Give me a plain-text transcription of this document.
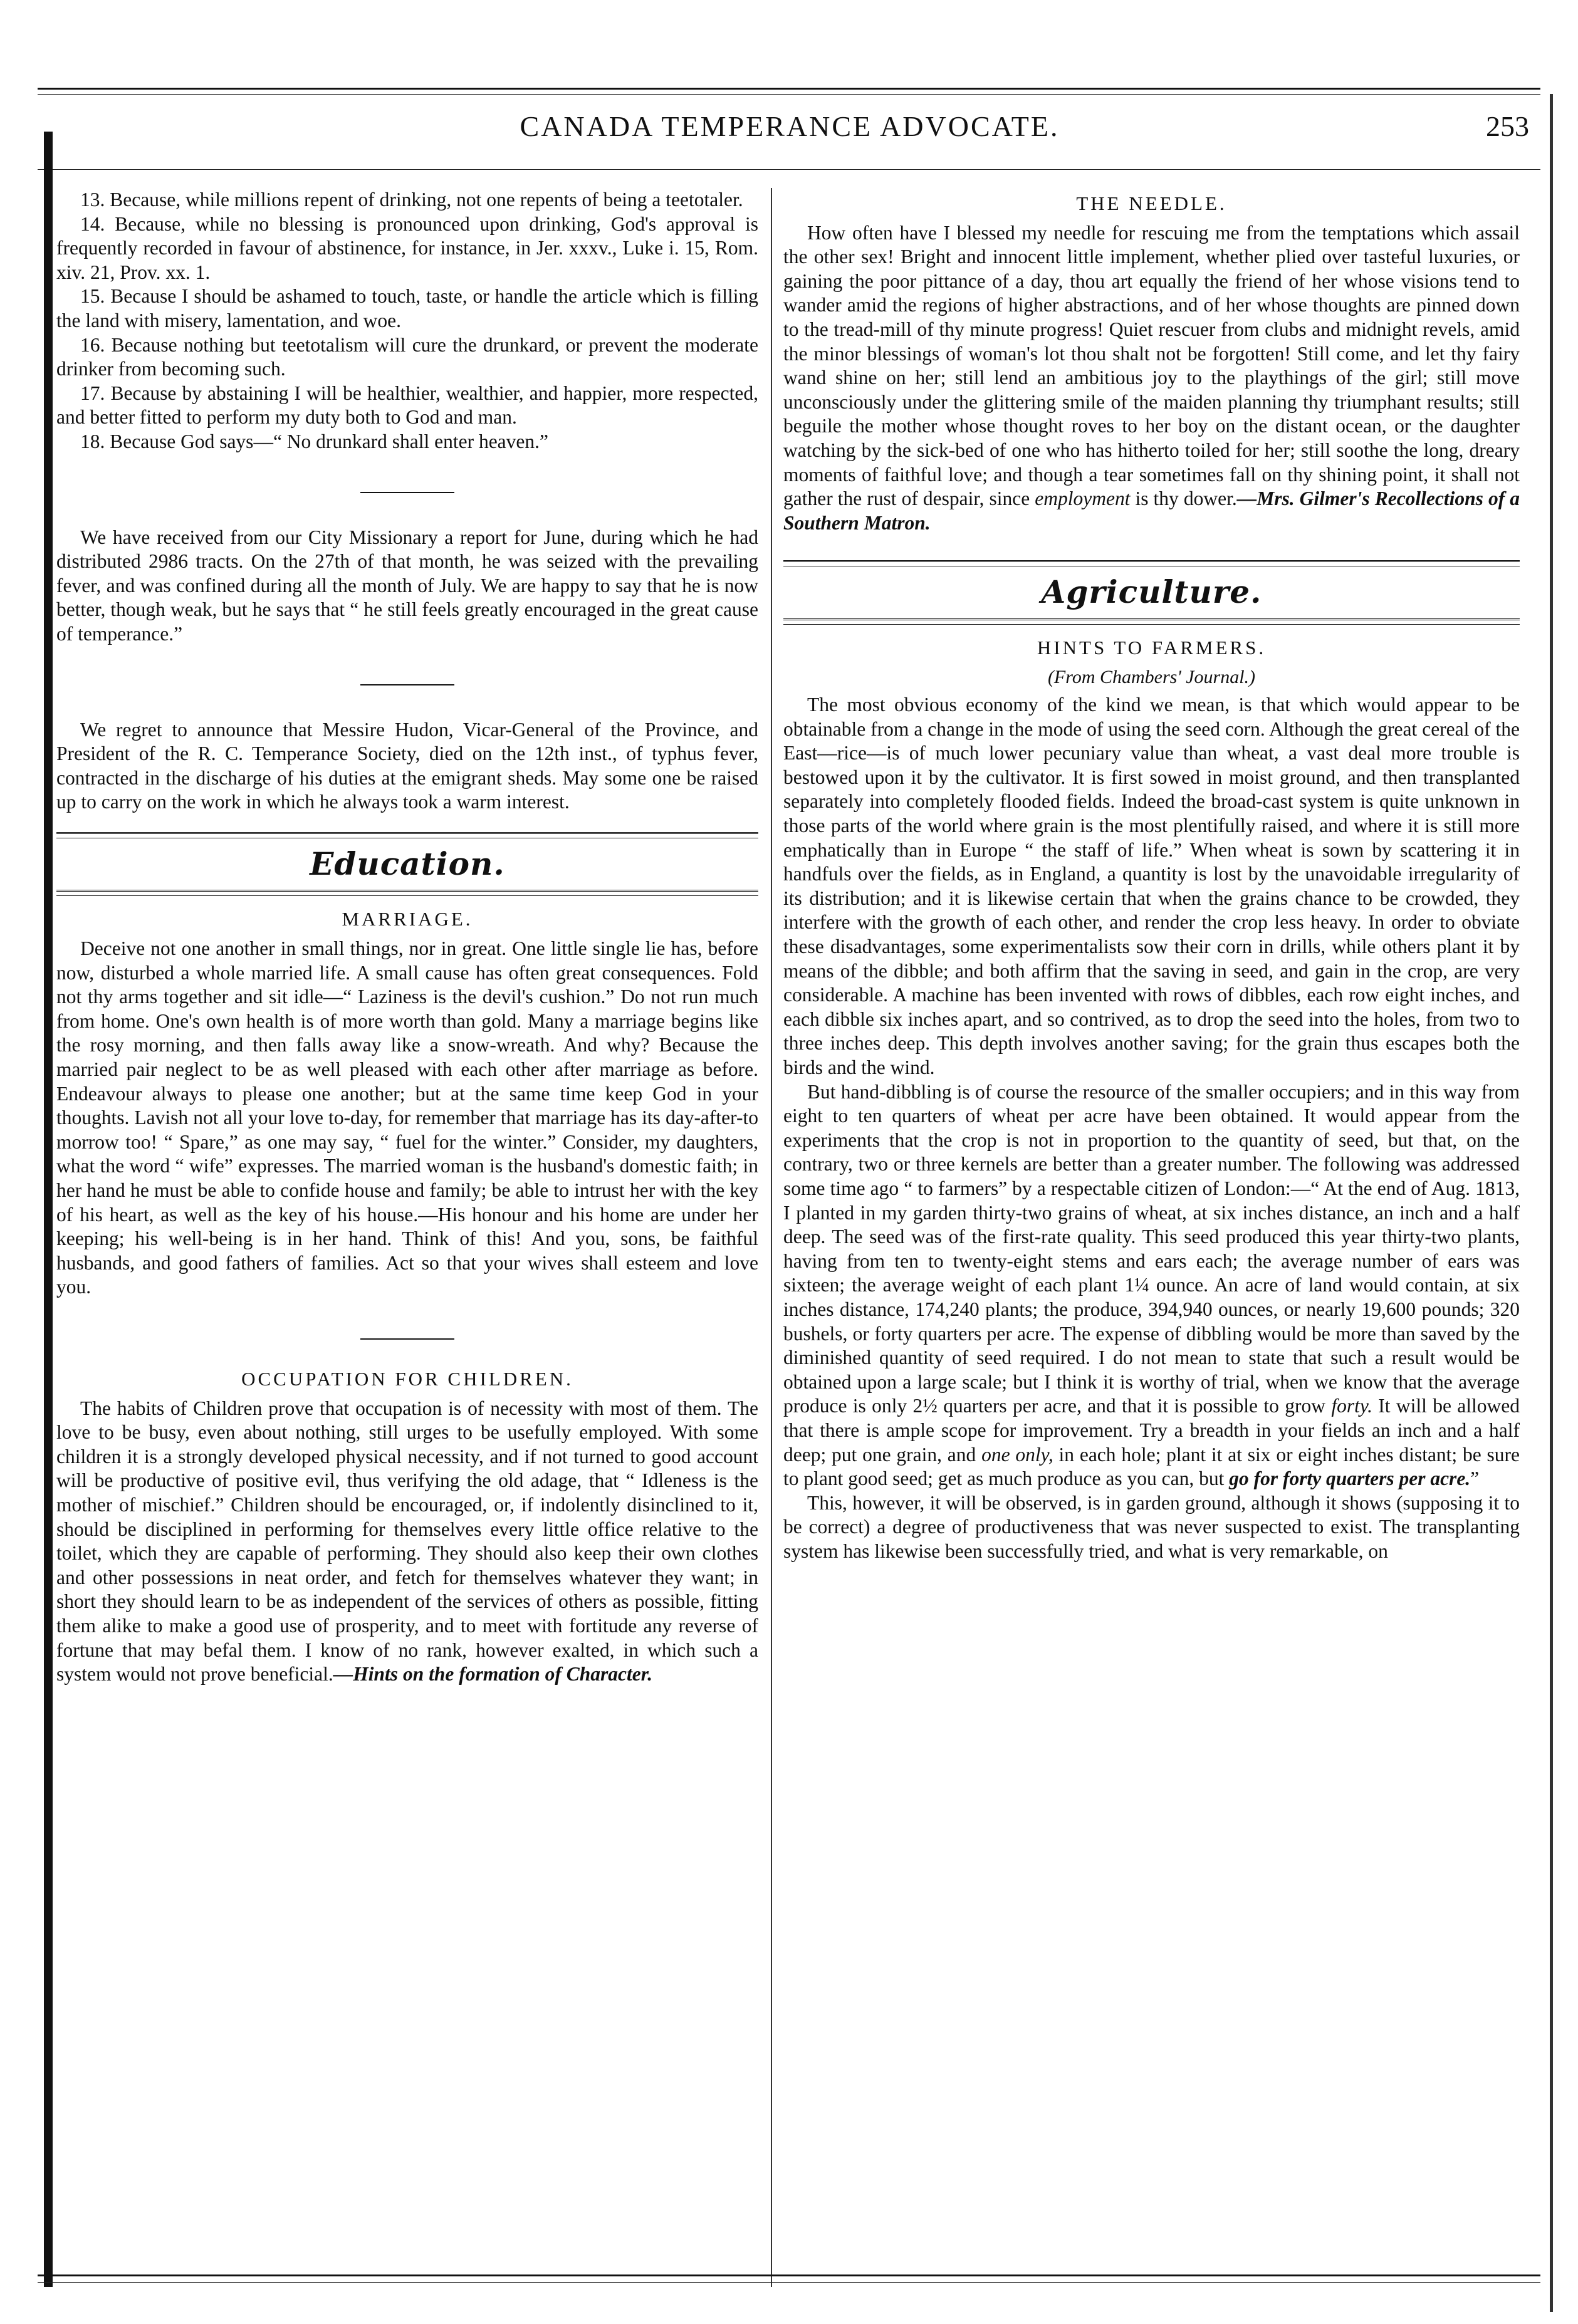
CANADA TEMPERANCE ADVOCATE.	253

13. Because, while millions repent of drinking, not one repents of being a teetotaler.

14. Because, while no blessing is pronounced upon drinking, God's approval is frequently recorded in favour of abstinence, for instance, in Jer. xxxv., Luke i. 15, Rom. xiv. 21, Prov. xx. 1.

15. Because I should be ashamed to touch, taste, or handle the article which is filling the land with misery, lamentation, and woe.

16. Because nothing but teetotalism will cure the drunkard, or prevent the moderate drinker from becoming such.

17. Because by abstaining I will be healthier, wealthier, and happier, more respected, and better fitted to perform my duty both to God and man.

18. Because God says—“ No drunkard shall enter heaven.”

We have received from our City Missionary a report for June, during which he had distributed 2986 tracts. On the 27th of that month, he was seized with the prevailing fever, and was confined during all the month of July. We are happy to say that he is now better, though weak, but he says that “ he still feels greatly encouraged in the great cause of temperance.”

We regret to announce that Messire Hudon, Vicar-General of the Province, and President of the R. C. Temperance Society, died on the 12th inst., of typhus fever, contracted in the discharge of his duties at the emigrant sheds. May some one be raised up to carry on the work in which he always took a warm interest.

Education.
MARRIAGE.

Deceive not one another in small things, nor in great. One little single lie has, before now, disturbed a whole married life. A small cause has often great consequences. Fold not thy arms together and sit idle—“ Laziness is the devil's cushion.” Do not run much from home. One's own health is of more worth than gold. Many a marriage begins like the rosy morning, and then falls away like a snow-wreath. And why? Because the married pair neglect to be as well pleased with each other after marriage as before. Endeavour always to please one another; but at the same time keep God in your thoughts. Lavish not all your love to-day, for remember that marriage has its day-after-to morrow too! “ Spare,” as one may say, “ fuel for the winter.” Consider, my daughters, what the word “ wife” expresses. The married woman is the husband's domestic faith; in her hand he must be able to confide house and family; be able to intrust her with the key of his heart, as well as the key of his house.—His honour and his home are under her keeping; his well-being is in her hand. Think of this! And you, sons, be faithful husbands, and good fathers of families. Act so that your wives shall esteem and love you.

OCCUPATION FOR CHILDREN.

The habits of Children prove that occupation is of necessity with most of them. The love to be busy, even about nothing, still urges to be usefully employed. With some children it is a strongly developed physical necessity, and if not turned to good account will be productive of positive evil, thus verifying the old adage, that “ Idleness is the mother of mischief.” Children should be encouraged, or, if indolently disinclined to it, should be disciplined in performing for themselves every little office relative to the toilet, which they are capable of performing. They should also keep their own clothes and other possessions in neat order, and fetch for themselves whatever they want; in short they should learn to be as independent of the services of others as possible, fitting them alike to make a good use of prosperity, and to meet with fortitude any reverse of fortune that may befal them. I know of no rank, however exalted, in which such a system would not prove beneficial.—Hints on the formation of Character.

THE NEEDLE.

How often have I blessed my needle for rescuing me from the temptations which assail the other sex! Bright and innocent little implement, whether plied over tasteful luxuries, or gaining the poor pittance of a day, thou art equally the friend of her whose visions tend to wander amid the regions of higher abstractions, and of her whose thoughts are pinned down to the tread-mill of thy minute progress! Quiet rescuer from clubs and midnight revels, amid the minor blessings of woman's lot thou shalt not be forgotten! Still come, and let thy fairy wand shine on her; still lend an ambitious joy to the playthings of the girl; still move unconsciously under the glittering smile of the maiden planning thy triumphant results; still beguile the mother whose thought roves to her boy on the distant ocean, or the daughter watching by the sick-bed of one who has hitherto toiled for her; still soothe the long, dreary moments of faithful love; and though a tear sometimes fall on thy shining point, it shall not gather the rust of despair, since employment is thy dower.—Mrs. Gilmer's Recollections of a Southern Matron.

Agriculture.
HINTS TO FARMERS.
(From Chambers' Journal.)

The most obvious economy of the kind we mean, is that which would appear to be obtainable from a change in the mode of using the seed corn. Although the great cereal of the East—rice—is of much lower pecuniary value than wheat, a vast deal more trouble is bestowed upon it by the cultivator. It is first sowed in moist ground, and then transplanted separately into completely flooded fields. Indeed the broad-cast system is quite unknown in those parts of the world where grain is the most plentifully raised, and where it is still more emphatically than in Europe “ the staff of life.” When wheat is sown by scattering it in handfuls over the fields, as in England, a quantity is lost by the unavoidable irregularity of its distribution; and it is likewise certain that when the grains chance to be crowded, they interfere with the growth of each other, and render the crop less heavy. In order to obviate these disadvantages, some experimentalists sow their corn in drills, while others plant it by means of the dibble; and both affirm that the saving in seed, and gain in the crop, are very considerable. A machine has been invented with rows of dibbles, each row eight inches, and each dibble six inches apart, and so contrived, as to drop the seed into the holes, from two to three inches deep. This depth involves another saving; for the grain thus escapes both the birds and the wind.

But hand-dibbling is of course the resource of the smaller occupiers; and in this way from eight to ten quarters of wheat per acre have been obtained. It would appear from the experiments that the crop is not in proportion to the quantity of seed, but that, on the contrary, two or three kernels are better than a greater number. The following was addressed some time ago “ to farmers” by a respectable citizen of London:—“ At the end of Aug. 1813, I planted in my garden thirty-two grains of wheat, at six inches distance, an inch and a half deep. The seed was of the first-rate quality. This seed produced this year thirty-two plants, having from ten to twenty-eight stems and ears each; the average number of ears was sixteen; the average weight of each plant 1¼ ounce. An acre of land would contain, at six inches distance, 174,240 plants; the produce, 394,940 ounces, or nearly 19,600 pounds; 320 bushels, or forty quarters per acre. The expense of dibbling would be more than saved by the diminished quantity of seed required. I do not mean to state that such a result would be obtained upon a large scale; but I think it is worthy of trial, when we know that the average produce is only 2½ quarters per acre, and that it is possible to grow forty. It will be allowed that there is ample scope for improvement. Try a breadth in your fields an inch and a half deep; put one grain, and one only, in each hole; plant it at six or eight inches distant; be sure to plant good seed; get as much produce as you can, but go for forty quarters per acre.”

This, however, it will be observed, is in garden ground, although it shows (supposing it to be correct) a degree of productiveness that was never suspected to exist. The transplanting system has likewise been successfully tried, and what is very remarkable, on
